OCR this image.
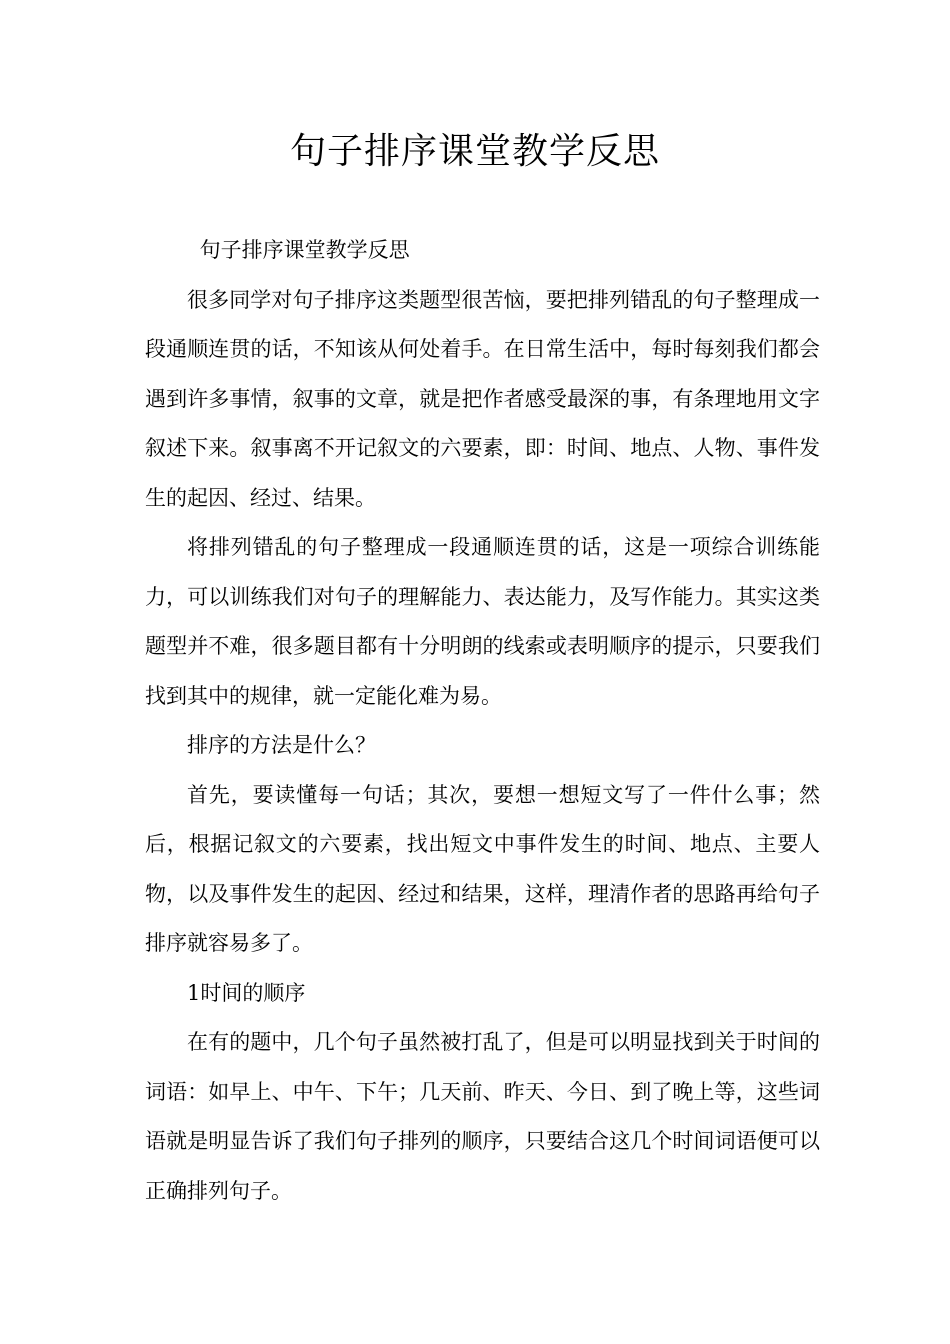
句子排序课堂教学反思

句子排序课堂教学反思

很多同学对句子排序这类题型很苦恼，要把排列错乱的句子整理成一段通顺连贯的话，不知该从何处着手。在日常生活中，每时每刻我们都会遇到许多事情，叙事的文章，就是把作者感受最深的事，有条理地用文字叙述下来。叙事离不开记叙文的六要素，即：时间、地点、人物、事件发生的起因、经过、结果。

将排列错乱的句子整理成一段通顺连贯的话，这是一项综合训练能力，可以训练我们对句子的理解能力、表达能力，及写作能力。其实这类题型并不难，很多题目都有十分明朗的线索或表明顺序的提示，只要我们找到其中的规律，就一定能化难为易。

排序的方法是什么？

首先，要读懂每一句话；其次，要想一想短文写了一件什么事；然后，根据记叙文的六要素，找出短文中事件发生的时间、地点、主要人物，以及事件发生的起因、经过和结果，这样，理清作者的思路再给句子排序就容易多了。

1时间的顺序

在有的题中，几个句子虽然被打乱了，但是可以明显找到关于时间的词语：如早上、中午、下午；几天前、昨天、今日、到了晚上等，这些词语就是明显告诉了我们句子排列的顺序，只要结合这几个时间词语便可以正确排列句子。
